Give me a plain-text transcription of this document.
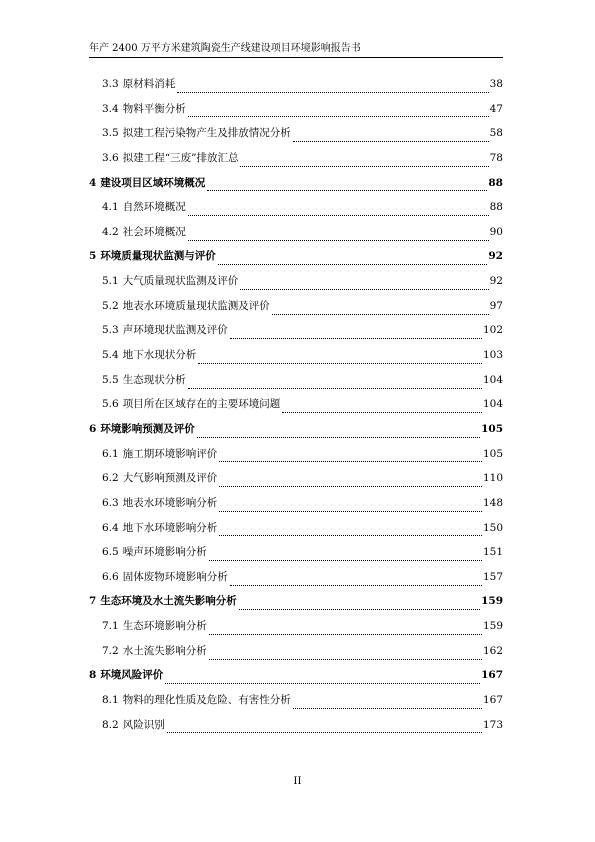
年产 2400 万平方米建筑陶瓷生产线建设项目环境影响报告书
3.3 原材料消耗	38
3.4 物料平衡分析	47
3.5 拟建工程污染物产生及排放情况分析	58
3.6 拟建工程“三废”排放汇总	78
4 建设项目区域环境概况	88
4.1 自然环境概况	88
4.2 社会环境概况	90
5 环境质量现状监测与评价	92
5.1 大气质量现状监测及评价	92
5.2 地表水环境质量现状监测及评价	97
5.3 声环境现状监测及评价	102
5.4 地下水现状分析	103
5.5 生态现状分析	104
5.6 项目所在区域存在的主要环境问题	104
6 环境影响预测及评价	105
6.1 施工期环境影响评价	105
6.2 大气影响预测及评价	110
6.3 地表水环境影响分析	148
6.4 地下水环境影响分析	150
6.5 噪声环境影响分析	151
6.6 固体废物环境影响分析	157
7 生态环境及水土流失影响分析	159
7.1 生态环境影响分析	159
7.2 水土流失影响分析	162
8 环境风险评价	167
8.1 物料的理化性质及危险、有害性分析	167
8.2 风险识别	173
II
